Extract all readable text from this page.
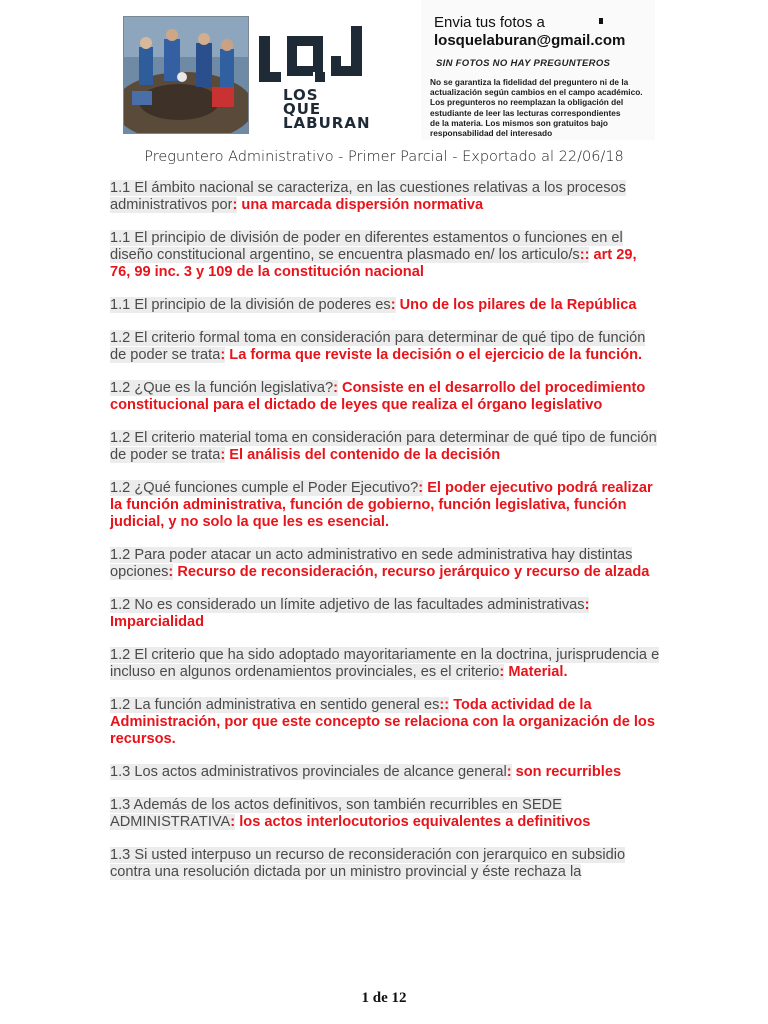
LOS
QUE
LABURAN
Envia tus fotos a
losquelaburan@gmail.com
SIN FOTOS NO HAY PREGUNTEROS
No se garantiza la fidelidad del preguntero ni de la
actualización según cambios en el campo académico.
Los pregunteros no reemplazan la obligación del
estudiante de leer las lecturas correspondientes
de la materia. Los mismos son gratuitos bajo
responsabilidad del interesado
Preguntero Administrativo - Primer Parcial - Exportado al 22/06/18
1.1 El ámbito nacional se caracteriza, en las cuestiones relativas a los procesos administrativos por: una marcada dispersión normativa
1.1 El principio de división de poder en diferentes estamentos o funciones en el diseño constitucional argentino, se encuentra plasmado en/ los articulo/s:: art 29, 76, 99 inc. 3 y 109 de la constitución nacional
1.1 El principio de la división de poderes es: Uno de los pilares de la República
1.2 El criterio formal toma en consideración para determinar de qué tipo de función de poder se trata: La forma que reviste la decisión o el ejercicio de la función.
1.2 ¿Que es la función legislativa?: Consiste en el desarrollo del procedimiento constitucional para el dictado de leyes que realiza el órgano legislativo
1.2 El criterio material toma en consideración para determinar de qué tipo de función de poder se trata: El análisis del contenido de la decisión
1.2 ¿Qué funciones cumple el Poder Ejecutivo?: El poder ejecutivo podrá realizar la función administrativa, función de gobierno, función legislativa, función judicial, y no solo la que les es esencial.
1.2 Para poder atacar un acto administrativo en sede administrativa hay distintas opciones: Recurso de reconsideración, recurso jerárquico y recurso de alzada
1.2 No es considerado un límite adjetivo de las facultades administrativas: Imparcialidad
1.2 El criterio que ha sido adoptado mayoritariamente en la doctrina, jurisprudencia e incluso en algunos ordenamientos provinciales, es el criterio: Material.
1.2 La función administrativa en sentido general es:: Toda actividad de la Administración, por que este concepto se relaciona con la organización de los recursos.
1.3 Los actos administrativos provinciales de alcance general: son recurribles
1.3 Además de los actos definitivos, son también recurribles en SEDE ADMINISTRATIVA: los actos interlocutorios equivalentes a definitivos
1.3 Si usted interpuso un recurso de reconsideración con jerarquico en subsidio contra una resolución dictada por un ministro provincial y éste rechaza la
1 de 12
